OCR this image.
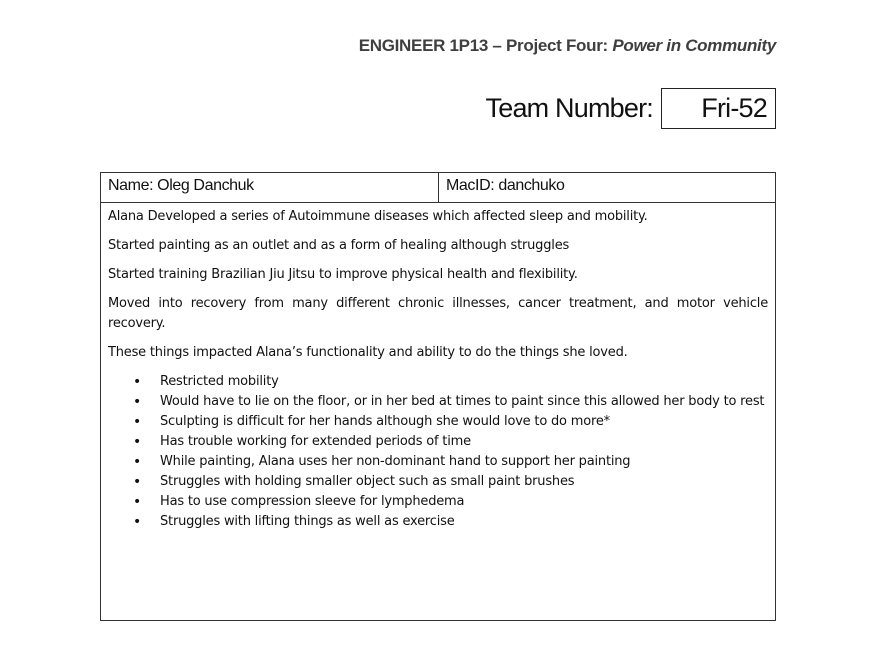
ENGINEER 1P13 – Project Four: Power in Community
Team Number: Fri-52
Name: Oleg Danchuk	MacID: danchuko

Alana Developed a series of Autoimmune diseases which affected sleep and mobility.

Started painting as an outlet and as a form of healing although struggles

Started training Brazilian Jiu Jitsu to improve physical health and flexibility.

Moved into recovery from many different chronic illnesses, cancer treatment, and motor vehicle recovery.

These things impacted Alana’s functionality and ability to do the things she loved.

• Restricted mobility
• Would have to lie on the floor, or in her bed at times to paint since this allowed her body to rest
• Sculpting is difficult for her hands although she would love to do more*
• Has trouble working for extended periods of time
• While painting, Alana uses her non-dominant hand to support her painting
• Struggles with holding smaller object such as small paint brushes
• Has to use compression sleeve for lymphedema
• Struggles with lifting things as well as exercise
